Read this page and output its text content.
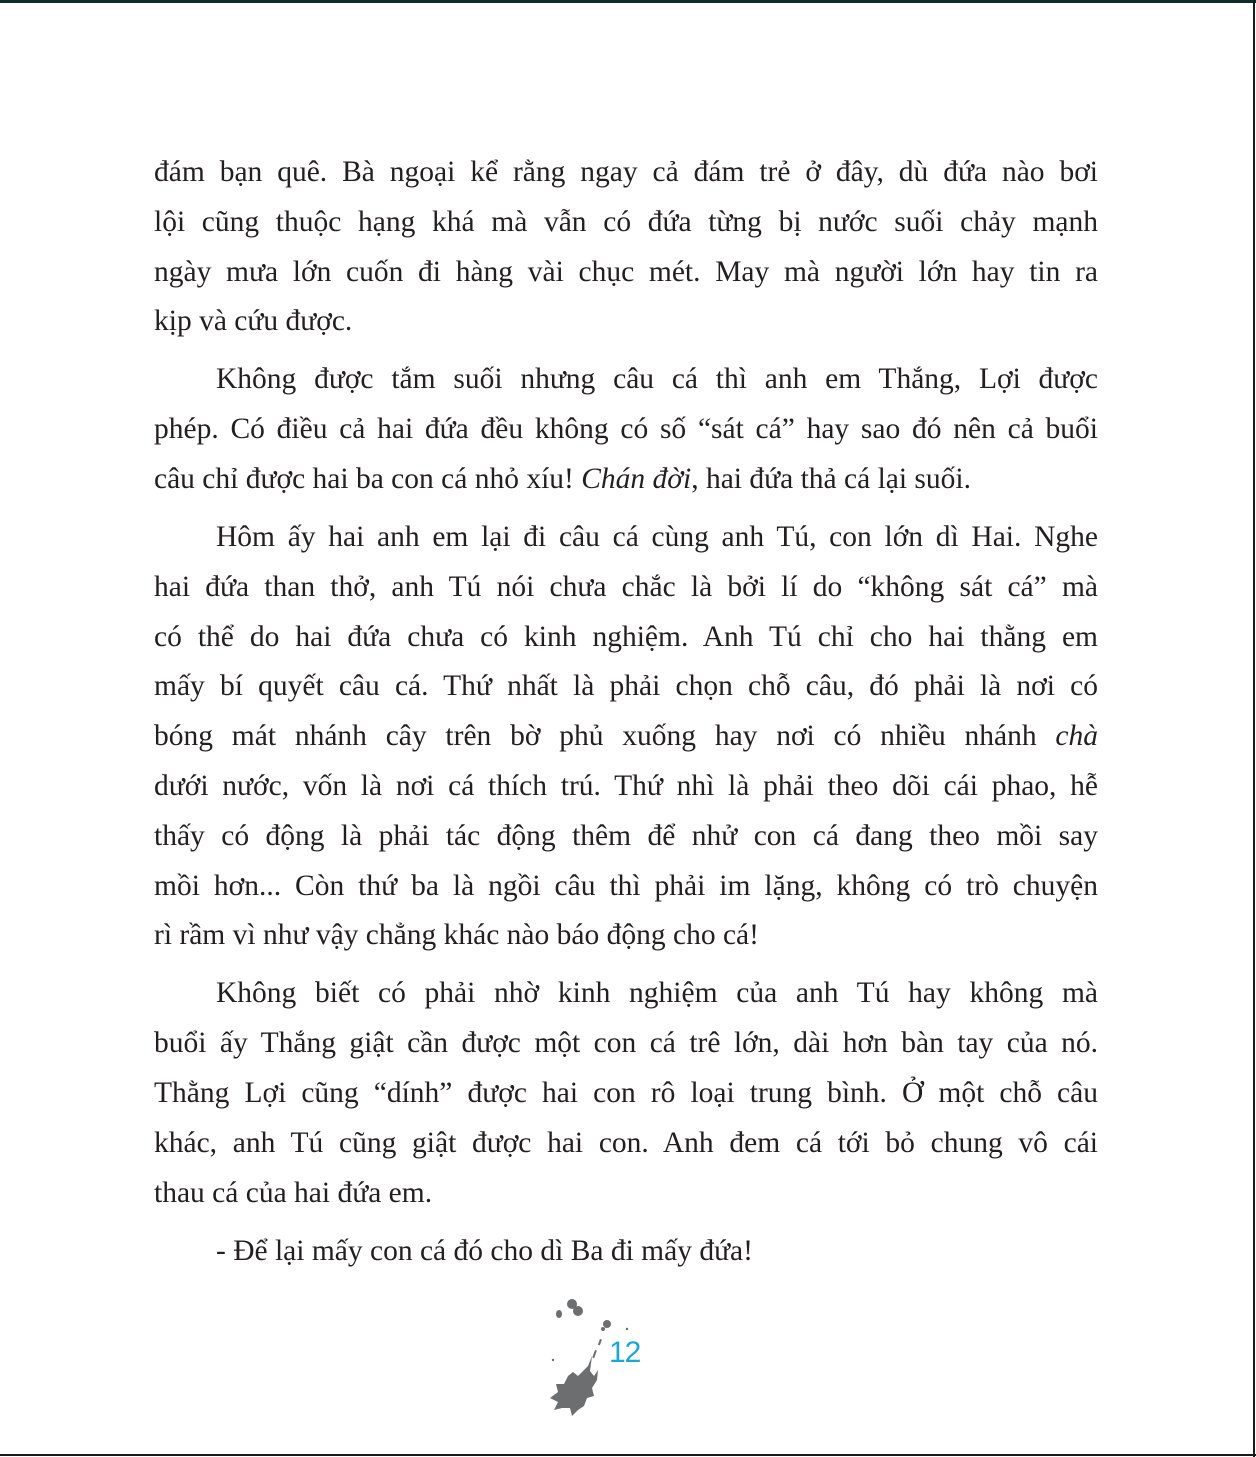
đám bạn quê. Bà ngoại kể rằng ngay cả đám trẻ ở đây, dù đứa nào bơi
lội cũng thuộc hạng khá mà vẫn có đứa từng bị nước suối chảy mạnh
ngày mưa lớn cuốn đi hàng vài chục mét. May mà người lớn hay tin ra
kịp và cứu được.
Không được tắm suối nhưng câu cá thì anh em Thắng, Lợi được
phép. Có điều cả hai đứa đều không có số “sát cá” hay sao đó nên cả buổi
câu chỉ được hai ba con cá nhỏ xíu! Chán đời, hai đứa thả cá lại suối.
Hôm ấy hai anh em lại đi câu cá cùng anh Tú, con lớn dì Hai. Nghe
hai đứa than thở, anh Tú nói chưa chắc là bởi lí do “không sát cá” mà
có thể do hai đứa chưa có kinh nghiệm. Anh Tú chỉ cho hai thằng em
mấy bí quyết câu cá. Thứ nhất là phải chọn chỗ câu, đó phải là nơi có
bóng mát nhánh cây trên bờ phủ xuống hay nơi có nhiều nhánh chà
dưới nước, vốn là nơi cá thích trú. Thứ nhì là phải theo dõi cái phao, hễ
thấy có động là phải tác động thêm để nhử con cá đang theo mồi say
mồi hơn... Còn thứ ba là ngồi câu thì phải im lặng, không có trò chuyện
rì rầm vì như vậy chẳng khác nào báo động cho cá!
Không biết có phải nhờ kinh nghiệm của anh Tú hay không mà
buổi ấy Thắng giật cần được một con cá trê lớn, dài hơn bàn tay của nó.
Thằng Lợi cũng “dính” được hai con rô loại trung bình. Ở một chỗ câu
khác, anh Tú cũng giật được hai con. Anh đem cá tới bỏ chung vô cái
thau cá của hai đứa em.
- Để lại mấy con cá đó cho dì Ba đi mấy đứa!
12
